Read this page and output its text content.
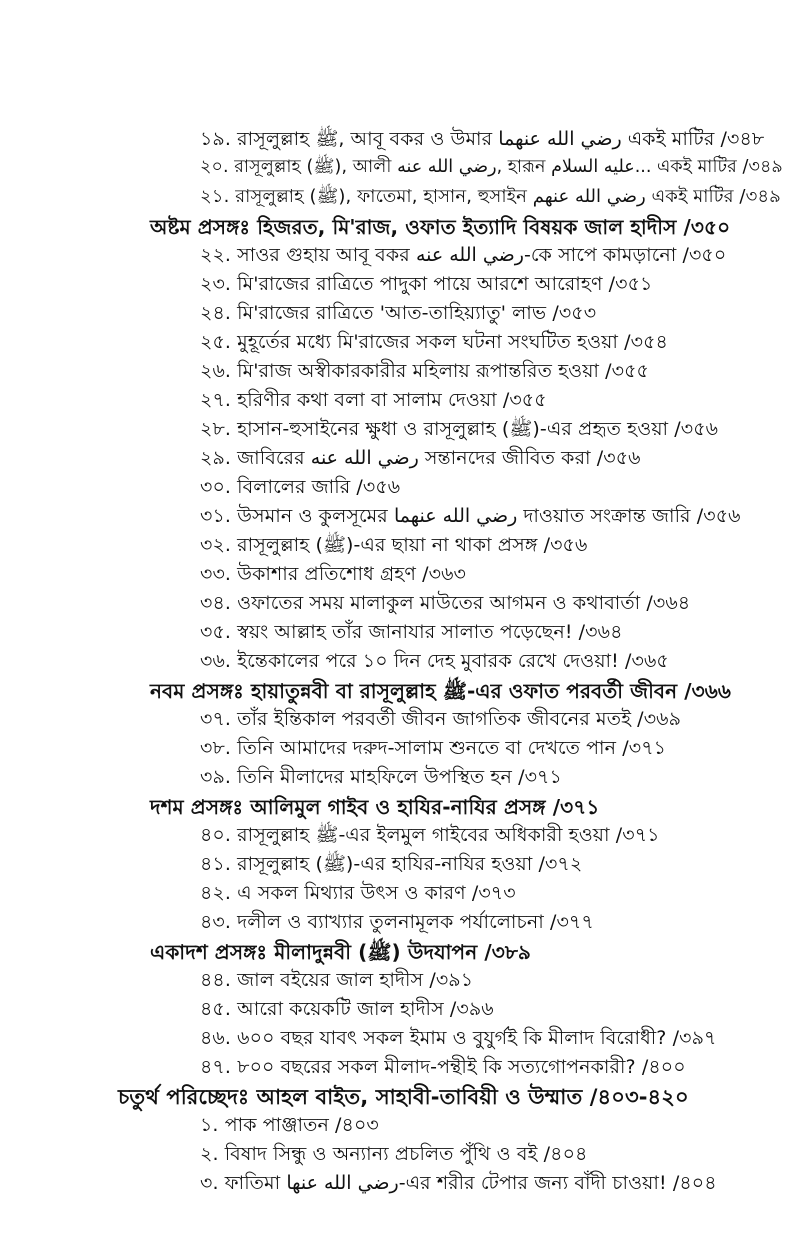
১৯. রাসূলুল্লাহ ﷺ, আবূ বকর ও উমার رضي الله عنهما একই মাটির /৩৪৮
২০. রাসূলুল্লাহ (ﷺ), আলী رضي الله عنه, হারূন عليه السلام... একই মাটির /৩৪৯
২১. রাসূলুল্লাহ (ﷺ), ফাতেমা, হাসান, হুসাইন رضي الله عنهم একই মাটির /৩৪৯
অষ্টম প্রসঙ্গঃ হিজরত, মি'রাজ, ওফাত ইত্যাদি বিষয়ক জাল হাদীস /৩৫০
২২. সাওর গুহায় আবূ বকর رضي الله عنه-কে সাপে কামড়ানো /৩৫০
২৩. মি'রাজের রাত্রিতে পাদুকা পায়ে আরশে আরোহণ /৩৫১
২৪. মি'রাজের রাত্রিতে 'আত-তাহিয়্যাতু' লাভ /৩৫৩
২৫. মুহূর্তের মধ্যে মি'রাজের সকল ঘটনা সংঘটিত হওয়া /৩৫৪
২৬. মি'রাজ অস্বীকারকারীর মহিলায় রূপান্তরিত হওয়া /৩৫৫
২৭. হরিণীর কথা বলা বা সালাম দেওয়া /৩৫৫
২৮. হাসান-হুসাইনের ক্ষুধা ও রাসূলুল্লাহ (ﷺ)-এর প্রহৃত হওয়া /৩৫৬
২৯. জাবিরের رضي الله عنه সন্তানদের জীবিত করা /৩৫৬
৩০. বিলালের জারি /৩৫৬
৩১. উসমান ও কুলসূমের رضي الله عنهما দাওয়াত সংক্রান্ত জারি /৩৫৬
৩২. রাসূলুল্লাহ (ﷺ)-এর ছায়া না থাকা প্রসঙ্গ /৩৫৬
৩৩. উকাশার প্রতিশোধ গ্রহণ /৩৬৩
৩৪. ওফাতের সময় মালাকুল মাউতের আগমন ও কথাবার্তা /৩৬৪
৩৫. স্বয়ং আল্লাহ তাঁর জানাযার সালাত পড়েছেন! /৩৬৪
৩৬. ইন্তেকালের পরে ১০ দিন দেহ মুবারক রেখে দেওয়া! /৩৬৫
নবম প্রসঙ্গঃ হায়াতুন্নবী বা রাসূলুল্লাহ ﷺ-এর ওফাত পরবর্তী জীবন /৩৬৬
৩৭. তাঁর ইন্তিকাল পরবর্তী জীবন জাগতিক জীবনের মতই /৩৬৯
৩৮. তিনি আমাদের দরুদ-সালাম শুনতে বা দেখতে পান /৩৭১
৩৯. তিনি মীলাদের মাহফিলে উপস্থিত হন /৩৭১
দশম প্রসঙ্গঃ আলিমুল গাইব ও হাযির-নাযির প্রসঙ্গ /৩৭১
৪০. রাসূলুল্লাহ ﷺ-এর ইলমুল গাইবের অধিকারী হওয়া /৩৭১
৪১. রাসূলুল্লাহ (ﷺ)-এর হাযির-নাযির হওয়া /৩৭২
৪২. এ সকল মিথ্যার উৎস ও কারণ /৩৭৩
৪৩. দলীল ও ব্যাখ্যার তুলনামূলক পর্যালোচনা /৩৭৭
একাদশ প্রসঙ্গঃ মীলাদুন্নবী (ﷺ) উদযাপন /৩৮৯
৪৪. জাল বইয়ের জাল হাদীস /৩৯১
৪৫. আরো কয়েকটি জাল হাদীস /৩৯৬
৪৬. ৬০০ বছর যাবৎ সকল ইমাম ও বুযুর্গই কি মীলাদ বিরোধী? /৩৯৭
৪৭. ৮০০ বছরের সকল মীলাদ-পন্থীই কি সত্যগোপনকারী? /৪০০
চতুর্থ পরিচ্ছেদঃ আহল বাইত, সাহাবী-তাবিয়ী ও উম্মাত /৪০৩-৪২০
১. পাক পাঞ্জাতন /৪০৩
২. বিষাদ সিন্ধু ও অন্যান্য প্রচলিত পুঁথি ও বই /৪০৪
৩. ফাতিমা رضي الله عنها-এর শরীর টেপার জন্য বাঁদী চাওয়া! /৪০৪
